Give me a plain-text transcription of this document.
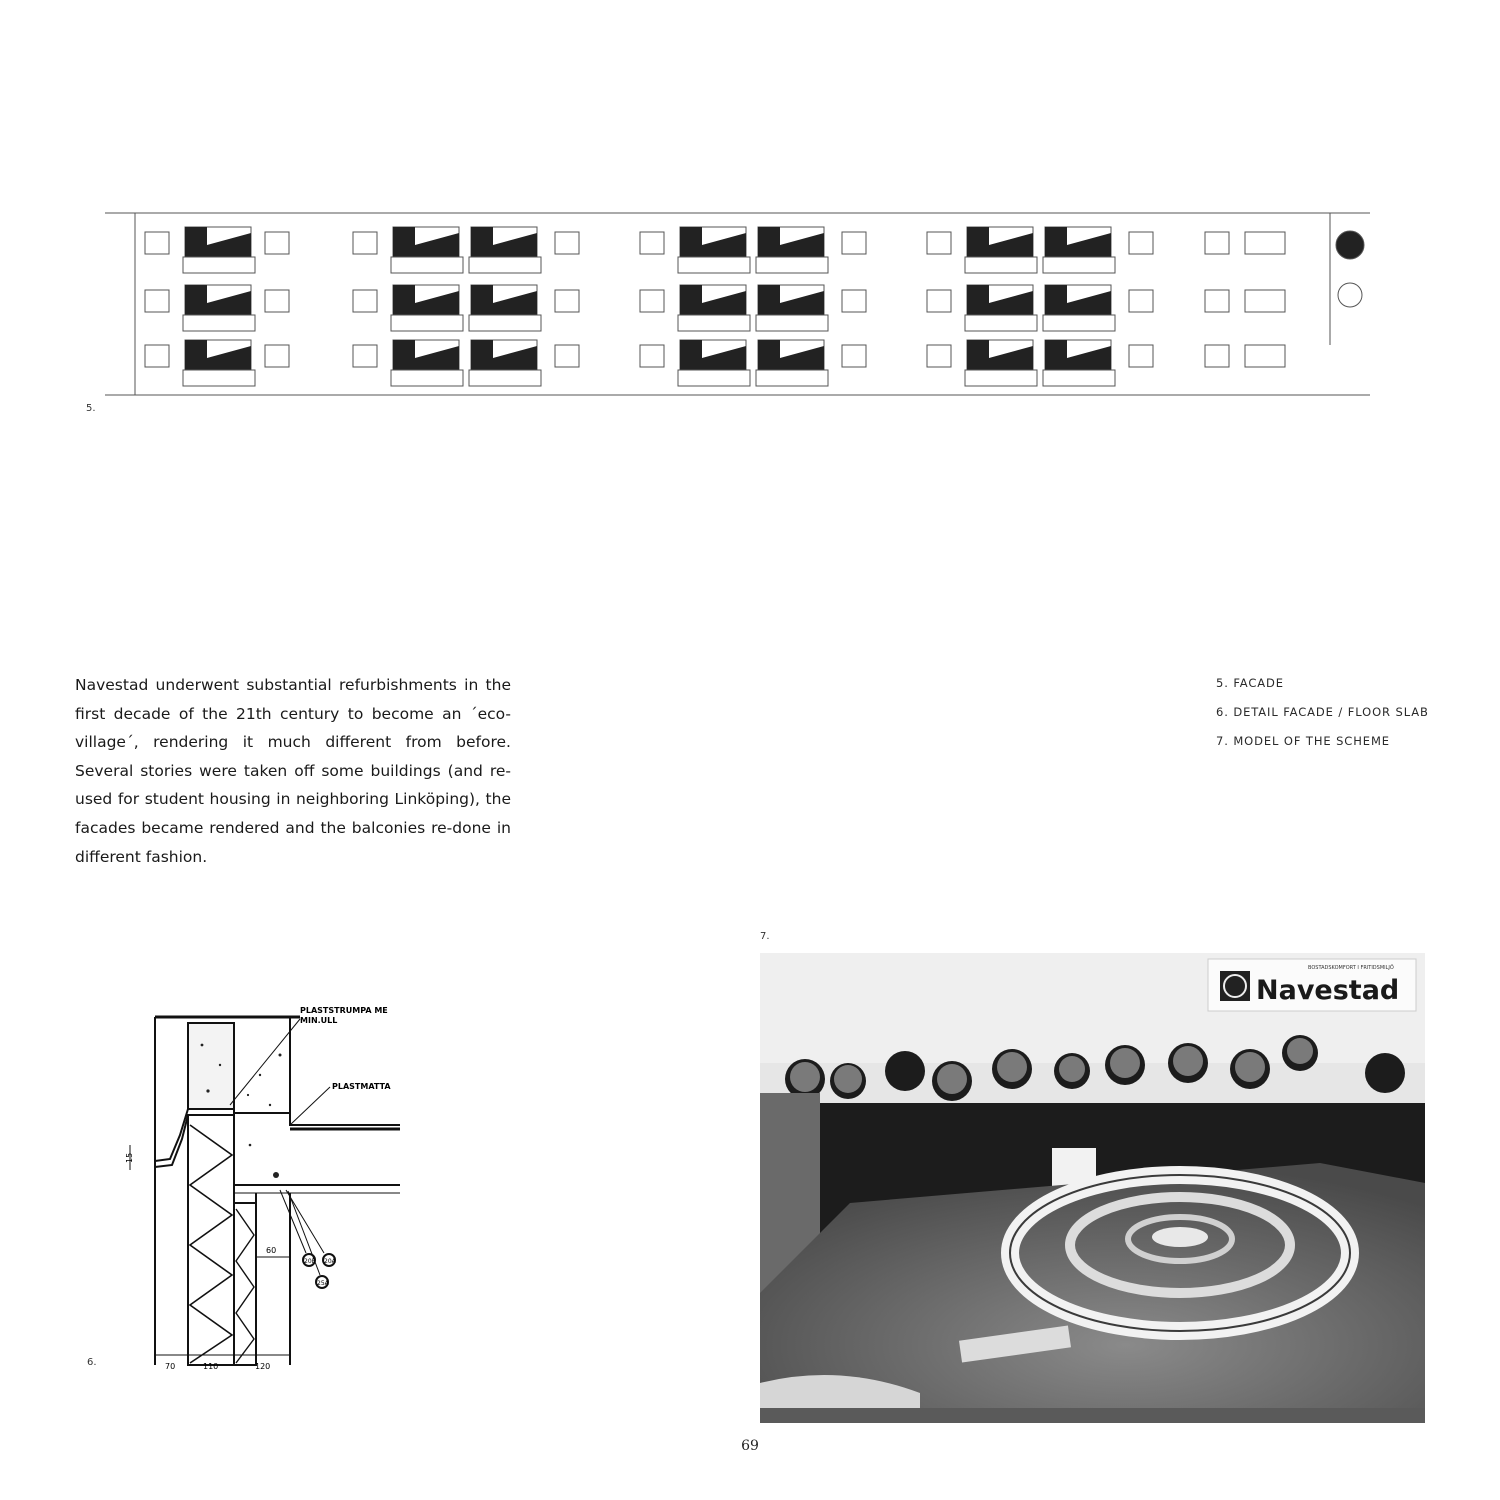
5.

Navestad underwent substantial refurbishments in the first decade of the 21th century to become an ´eco-village´, rendering it much different from before. Several stories were taken off some buildings (and re-used for student housing in neighboring Linköping), the facades became rendered and the balconies re-done in different fashion.

5. FACADE
6. DETAIL FACADE / FLOOR SLAB
7. MODEL OF THE SCHEME
PLASTSTRUMPA ME
MIN.ULL
PLASTMATTA
15
60
70	110	120
20B 20A
25A
6.
7.
BOSTADSKOMFORT I FRITIDSMILJÖ
Navestad
69
